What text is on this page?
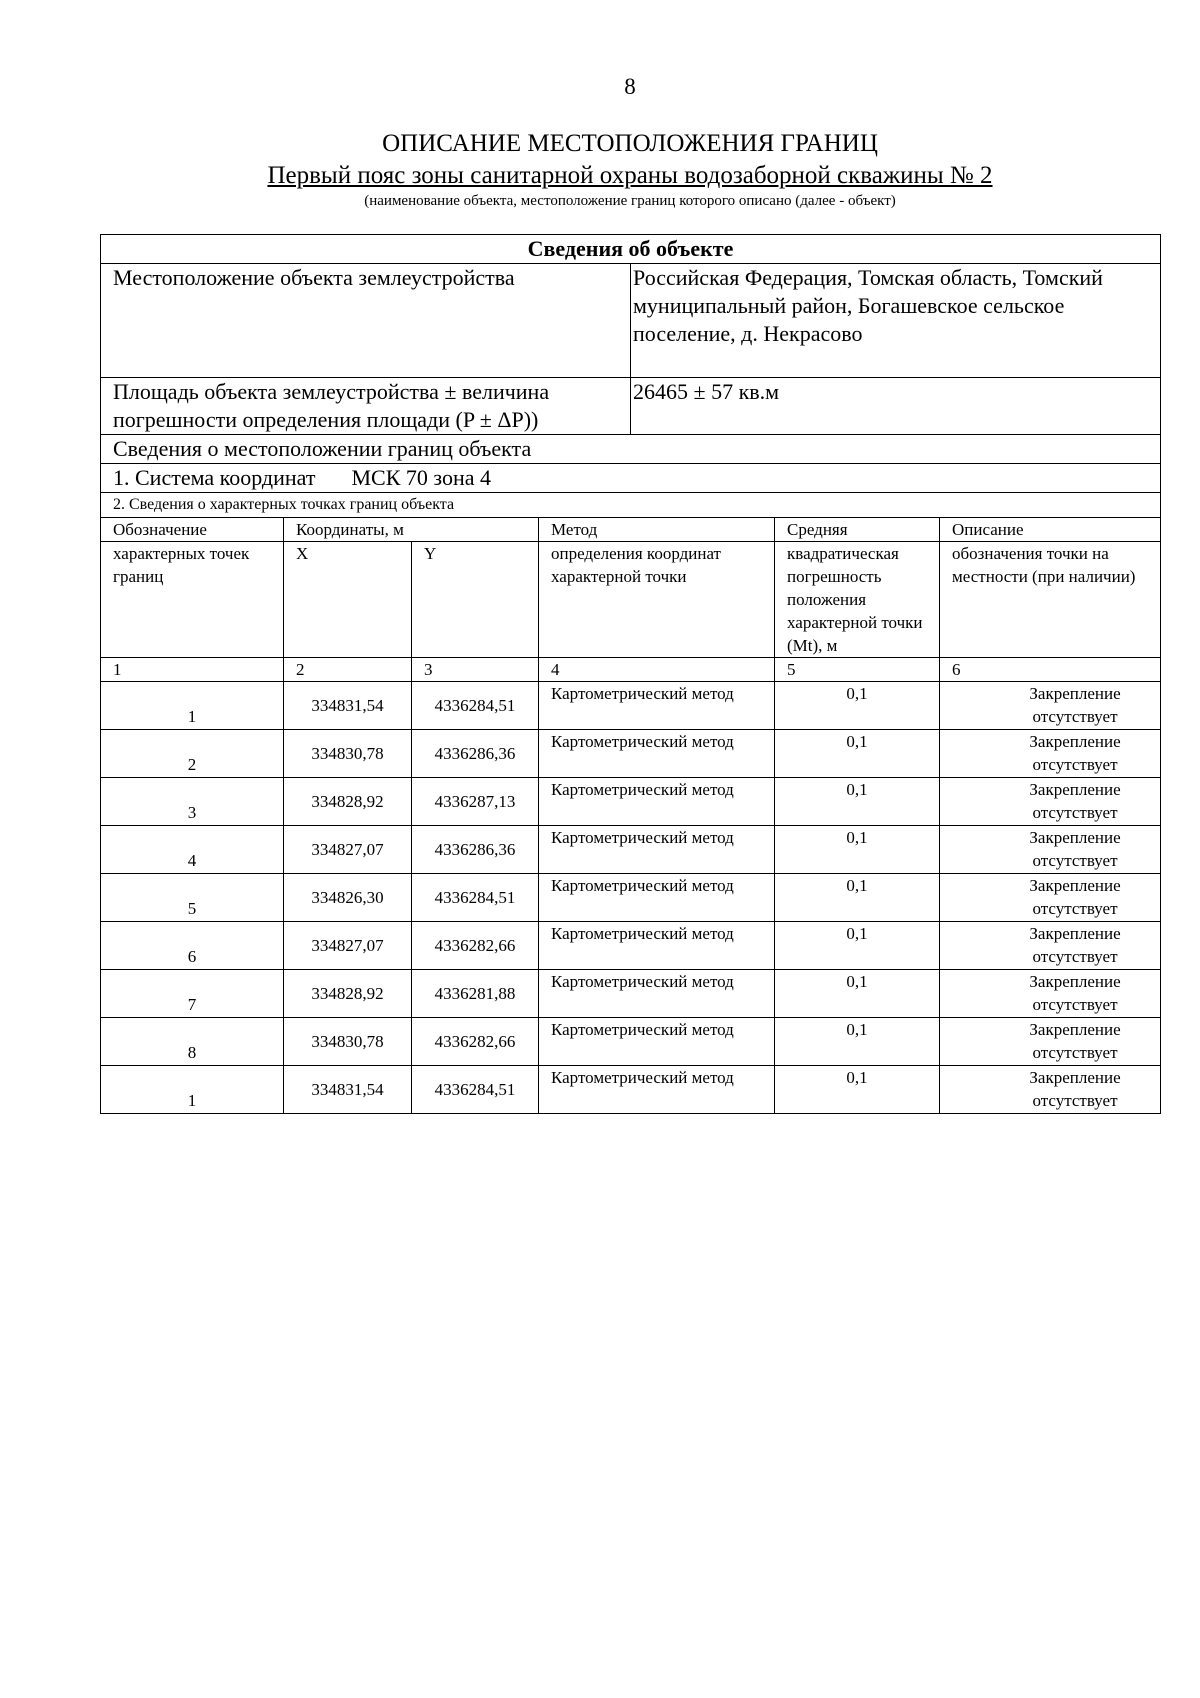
8
ОПИСАНИЕ МЕСТОПОЛОЖЕНИЯ ГРАНИЦ
Первый пояс зоны санитарной охраны водозаборной скважины № 2
(наименование объекта, местоположение границ которого описано (далее - объект)
Сведения об объекте	
Местоположение объекта землеустройства	Российская Федерация, Томская область, Томский муниципальный район, Богашевское сельское поселение, д. Некрасово
Площадь объекта землеустройства ± величина погрешности определения площади (P ± ΔP))	26465 ± 57 кв.м
Сведения о местоположении границ объекта	
1. Система координат МСК 70 зона 4	
2. Сведения о характерных точках границ объекта	
Обозначение	Координаты, м		Метод	Средняя	Описание
характерных точек границ	X	Y	определения координат характерной точки	квадратическая погрешность положения характерной точки (Mt), м	обозначения точки на местности (при наличии)
1	2	3	4	5	6

1	334831,54	4336284,51	Картометрический метод	0,1	Закрепление отсутствует

2	334830,78	4336286,36	Картометрический метод	0,1	Закрепление отсутствует

3	334828,92	4336287,13	Картометрический метод	0,1	Закрепление отсутствует

4	334827,07	4336286,36	Картометрический метод	0,1	Закрепление отсутствует

5	334826,30	4336284,51	Картометрический метод	0,1	Закрепление отсутствует

6	334827,07	4336282,66	Картометрический метод	0,1	Закрепление отсутствует

7	334828,92	4336281,88	Картометрический метод	0,1	Закрепление отсутствует

8	334830,78	4336282,66	Картометрический метод	0,1	Закрепление отсутствует

1	334831,54	4336284,51	Картометрический метод	0,1	Закрепление отсутствует
